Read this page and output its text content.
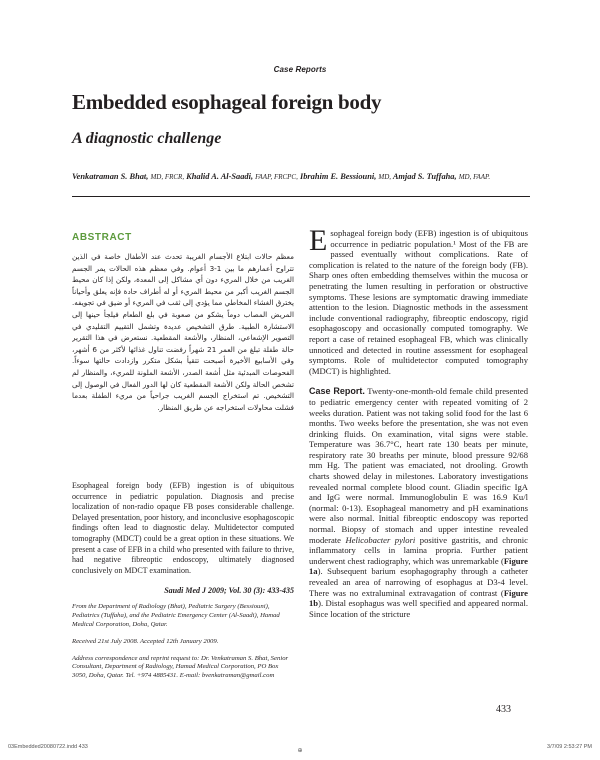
Case Reports
Embedded esophageal foreign body
A diagnostic challenge
Venkatraman S. Bhat, MD, FRCR, Khalid A. Al-Saadi, FAAP, FRCPC, Ibrahim E. Bessiouni, MD, Amjad S. Tuffaha, MD, FAAP.
ABSTRACT
معظم حالات ابتلاع الأجسام الغريبة تحدث عند الأطفال خاصة في الذين تتراوح أعمارهم ما بين 1-3 أعوام. وفي معظم هذه الحالات يمر الجسم الغريب من خلال المريء دون أي مشاكل إلى المعدة، ولكن إذا كان محيط الجسم الغريب أكبر من محيط المريء أو له أطراف حادة فإنه يعلق وأحياناً يخترق الغشاء المخاطي مما يؤدي إلى ثقب في المريء أو ضيق في تجويفه. المريض المصاب دوماً يشكو من صعوبة في بلع الطعام فيلجأ حينها إلى الاستشارة الطبية. طرق التشخيص عديدة وتشمل التقييم التقليدي في التصوير الإشعاعي، المنظار، والأشعة المقطعية. نستعرض في هذا التقرير حالة طفلة تبلغ من العمر 21 شهراً رفضت تناول غذائها لأكثر من 6 أشهر، وفي الأسابيع الأخيرة أصبحت تتقيأ بشكل متكرر وازدادت حالتها سوءاً. الفحوصات المبدئية مثل أشعة الصدر، الأشعة الملونة للمريء، والمنظار لم تشخص الحالة ولكن الأشعة المقطعية كان لها الدور الفعال في الوصول إلى التشخيص. تم استخراج الجسم الغريب جراحياً من مريء الطفلة بعدما فشلت محاولات استخراجه عن طريق المنظار.

Esophageal foreign body (EFB) ingestion is of ubiquitous occurrence in pediatric population. Diagnosis and precise localization of non-radio opaque FB poses considerable challenge. Delayed presentation, poor history, and inconclusive esophagoscopic findings often lead to diagnostic delay. Multidetector computed tomography (MDCT) could be a great option in these situations. We present a case of EFB in a child who presented with failure to thrive, had negative fibreoptic endoscopy, ultimately diagnosed conclusively on MDCT examination.

Saudi Med J 2009; Vol. 30 (3): 433-435

From the Department of Radiology (Bhat), Pediatric Surgery (Bessiouni), Pediatrics (Tuffaha), and the Pediatric Emergency Center (Al-Saadi), Hamad Medical Corporation, Doha, Qatar.

Received 21st July 2008. Accepted 12th January 2009.

Address correspondence and reprint request to: Dr. Venkatraman S. Bhat, Senior Consultant, Department of Radiology, Hamad Medical Corporation, PO Box 3050, Doha, Qatar. Tel. +974 4885431. E-mail: bvenkatraman@gmail.com

Esophageal foreign body (EFB) ingestion is of ubiquitous occurrence in pediatric population.¹ Most of the FB are passed eventually without complications. Rate of complication is related to the nature of the foreign body (FB). Sharp ones often embedding themselves within the mucosa or penetrating the lumen resulting in perforation or obstructive symptoms. These lesions are symptomatic drawing immediate attention to the lesion. Diagnostic methods in the assessment include conventional radiography, fibreoptic endoscopy, rigid esophagoscopy and occasionally computed tomography. We report a case of retained esophageal FB, which was clinically unnoticed and detected in routine assessment for esophageal symptoms. Role of multidetector computed tomography (MDCT) is highlighted.

Case Report. Twenty-one-month-old female child presented to pediatric emergency center with repeated vomiting of 2 weeks duration. Patient was not taking solid food for the last 6 months. Two weeks before the presentation, she was not even drinking fluids. On examination, vital signs were stable. Temperature was 36.7°C, heart rate 130 beats per minute, respiratory rate 30 breaths per minute, blood pressure 92/68 mm Hg. The patient was emaciated, not drooling. Growth charts showed delay in milestones. Laboratory investigations revealed normal complete blood count. Gliadin specific IgA and IgG were normal. Immunoglobulin E was 16.9 Ku/l (normal: 0-13). Esophageal manometry and pH examinations were also normal. Initial fibreoptic endoscopy was reported normal. Biopsy of stomach and upper intestine revealed moderate Helicobacter pylori positive gastritis, and chronic inflammatory cells in lamina propria. Further patient underwent chest radiography, which was unremarkable (Figure 1a). Subsequent barium esophagography through a catheter revealed an area of narrowing of esophagus at D3-4 level. There was no extraluminal extravagation of contrast (Figure 1b). Distal esophagus was well specified and appeared normal. Since location of the stricture

433
03Embedded20080722.indd 433
⊕
3/7/09 2:53:27 PM
